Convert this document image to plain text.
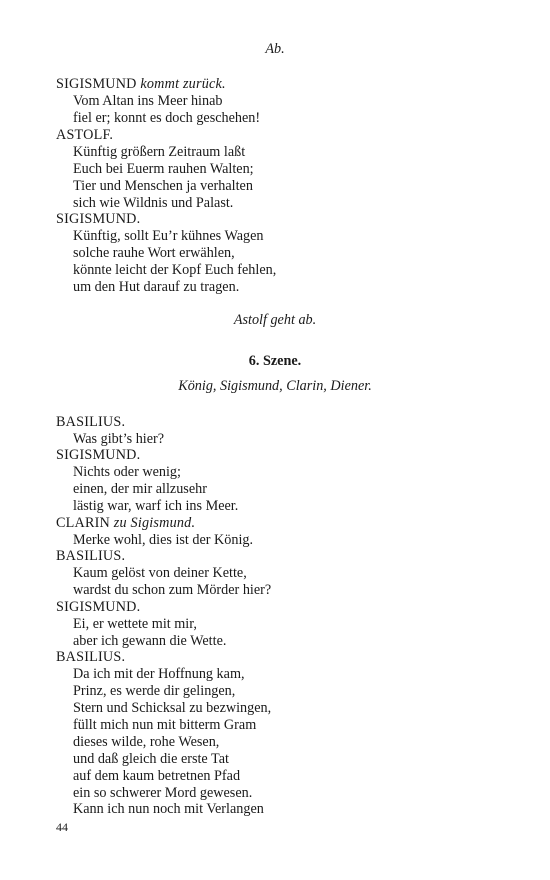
Ab.
SIGISMUND kommt zurück.
Vom Altan ins Meer hinab
fiel er; konnt es doch geschehen!
ASTOLF.
Künftig größern Zeitraum laßt
Euch bei Euerm rauhen Walten;
Tier und Menschen ja verhalten
sich wie Wildnis und Palast.
SIGISMUND.
Künftig, sollt Eu’r kühnes Wagen
solche rauhe Wort erwählen,
könnte leicht der Kopf Euch fehlen,
um den Hut darauf zu tragen.
Astolf geht ab.
6. Szene.
König, Sigismund, Clarin, Diener.
BASILIUS.
Was gibt’s hier?
SIGISMUND.
Nichts oder wenig;
einen, der mir allzusehr
lästig war, warf ich ins Meer.
CLARIN zu Sigismund.
Merke wohl, dies ist der König.
BASILIUS.
Kaum gelöst von deiner Kette,
wardst du schon zum Mörder hier?
SIGISMUND.
Ei, er wettete mit mir,
aber ich gewann die Wette.
BASILIUS.
Da ich mit der Hoffnung kam,
Prinz, es werde dir gelingen,
Stern und Schicksal zu bezwingen,
füllt mich nun mit bitterm Gram
dieses wilde, rohe Wesen,
und daß gleich die erste Tat
auf dem kaum betretnen Pfad
ein so schwerer Mord gewesen.
Kann ich nun noch mit Verlangen
44
